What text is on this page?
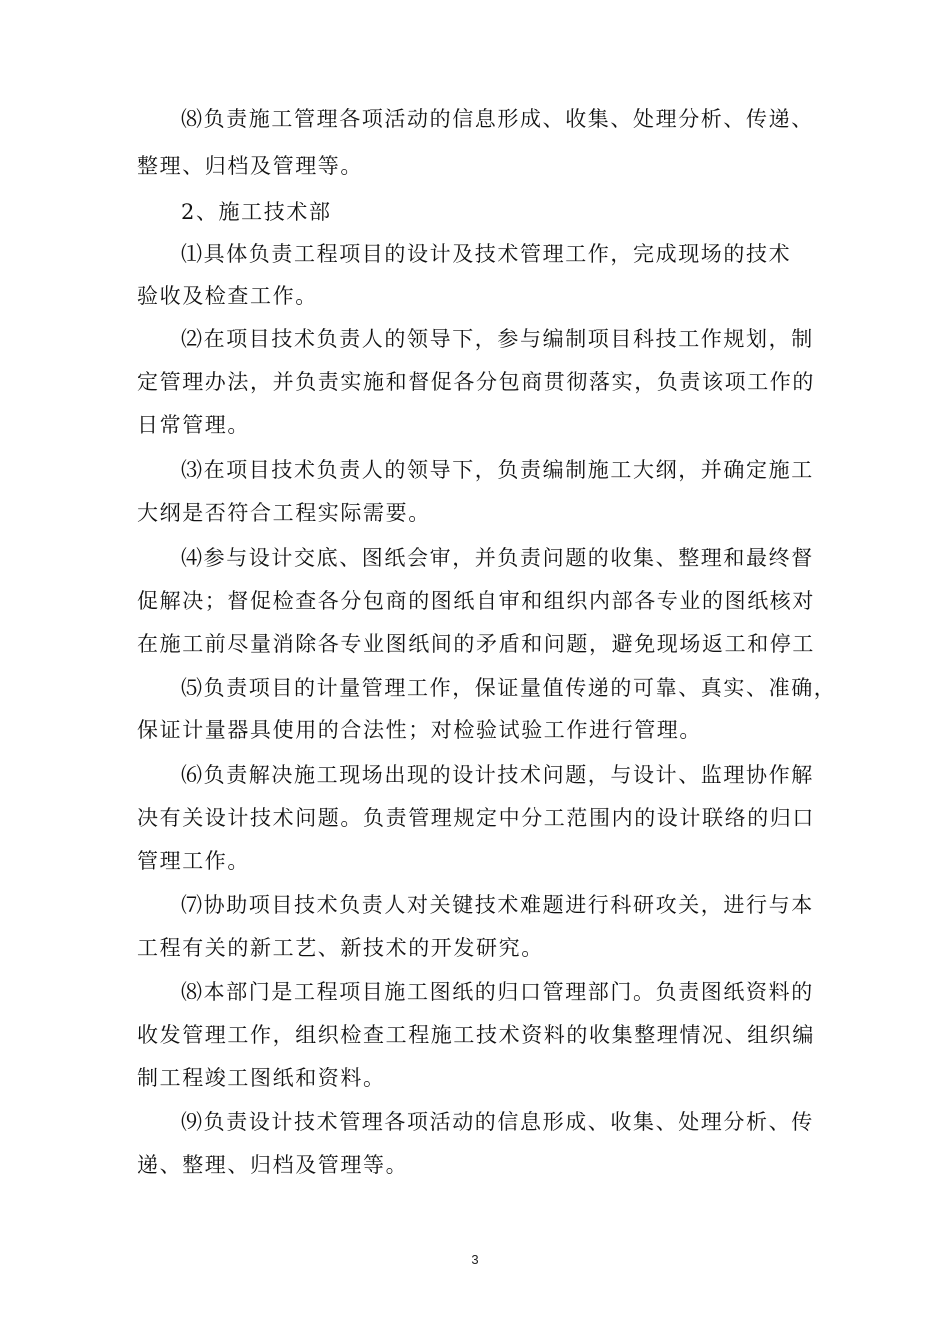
⑻负责施工管理各项活动的信息形成、收集、处理分析、传递、
整理、归档及管理等。
2、施工技术部
⑴具体负责工程项目的设计及技术管理工作，完成现场的技术
验收及检查工作。
⑵在项目技术负责人的领导下，参与编制项目科技工作规划，制
定管理办法，并负责实施和督促各分包商贯彻落实，负责该项工作的
日常管理。
⑶在项目技术负责人的领导下，负责编制施工大纲，并确定施工
大纲是否符合工程实际需要。
⑷参与设计交底、图纸会审，并负责问题的收集、整理和最终督
促解决；督促检查各分包商的图纸自审和组织内部各专业的图纸核对
在施工前尽量消除各专业图纸间的矛盾和问题，避免现场返工和停工
⑸负责项目的计量管理工作，保证量值传递的可靠、真实、准确，
保证计量器具使用的合法性；对检验试验工作进行管理。
⑹负责解决施工现场出现的设计技术问题，与设计、监理协作解
决有关设计技术问题。负责管理规定中分工范围内的设计联络的归口
管理工作。
⑺协助项目技术负责人对关键技术难题进行科研攻关，进行与本
工程有关的新工艺、新技术的开发研究。
⑻本部门是工程项目施工图纸的归口管理部门。负责图纸资料的
收发管理工作，组织检查工程施工技术资料的收集整理情况、组织编
制工程竣工图纸和资料。
⑼负责设计技术管理各项活动的信息形成、收集、处理分析、传
递、整理、归档及管理等。
3
